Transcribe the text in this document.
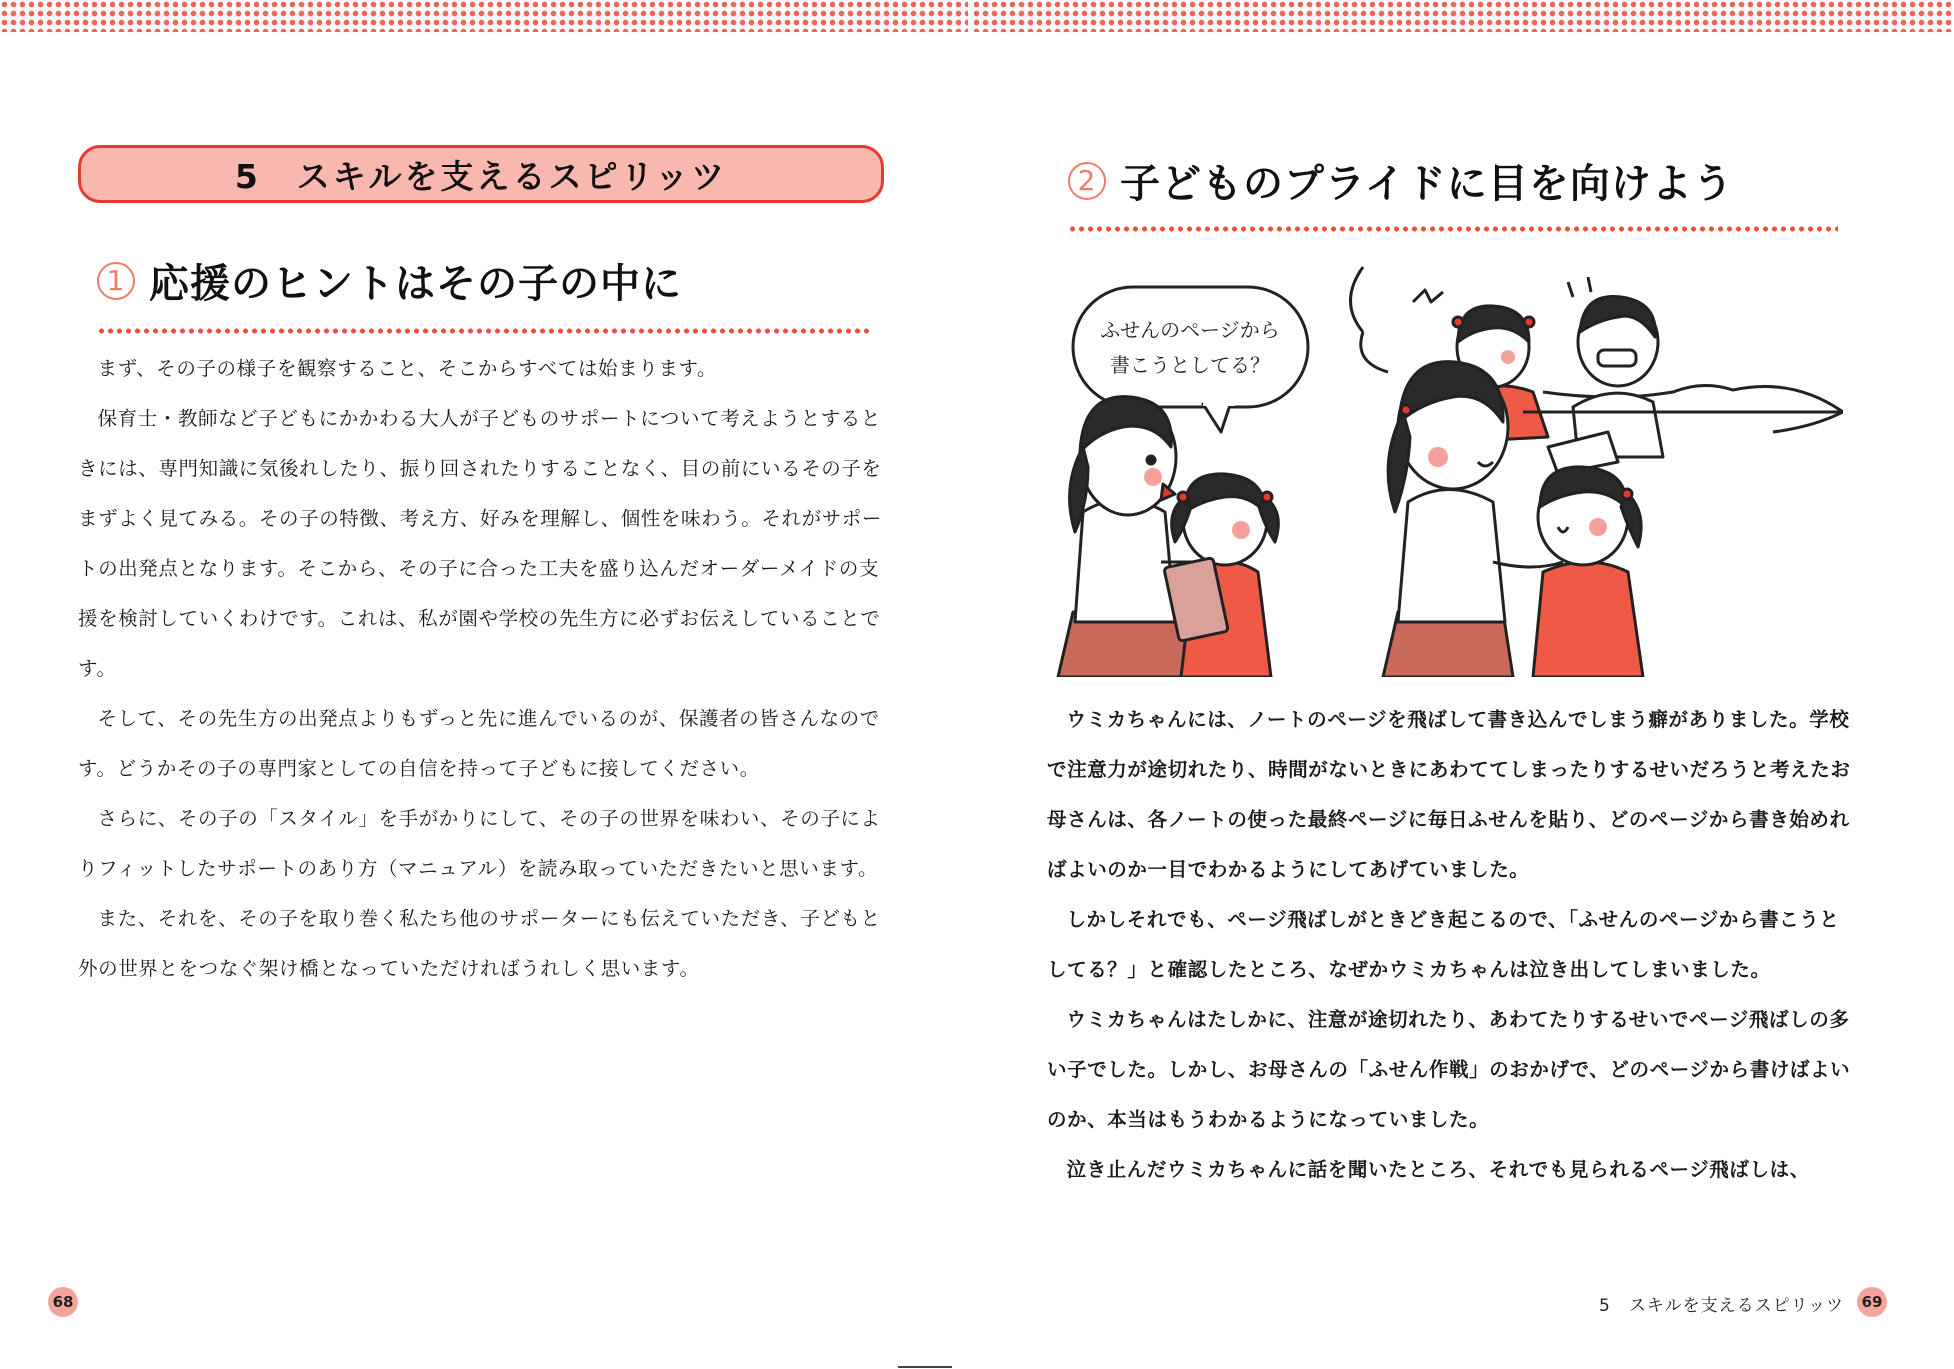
5　スキルを支えるスピリッツ
1 応援のヒントはその子の中に

まず、その子の様子を観察すること、そこからすべては始まります。

保育士・教師など子どもにかかわる大人が子どものサポートについて考えようとするときには、専門知識に気後れしたり、振り回されたりすることなく、目の前にいるその子をまずよく見てみる。その子の特徴、考え方、好みを理解し、個性を味わう。それがサポートの出発点となります。そこから、その子に合った工夫を盛り込んだオーダーメイドの支援を検討していくわけです。これは、私が園や学校の先生方に必ずお伝えしていることです。

そして、その先生方の出発点よりもずっと先に進んでいるのが、保護者の皆さんなのです。どうかその子の専門家としての自信を持って子どもに接してください。

さらに、その子の「スタイル」を手がかりにして、その子の世界を味わい、その子によりフィットしたサポートのあり方（マニュアル）を読み取っていただきたいと思います。

また、それを、その子を取り巻く私たち他のサポーターにも伝えていただき、子どもと外の世界とをつなぐ架け橋となっていただければうれしく思います。

68
2 子どものプライドに目を向けよう

ウミカちゃんには、ノートのページを飛ばして書き込んでしまう癖がありました。学校で注意力が途切れたり、時間がないときにあわててしまったりするせいだろうと考えたお母さんは、各ノートの使った最終ページに毎日ふせんを貼り、どのページから書き始めればよいのか一目でわかるようにしてあげていました。

しかしそれでも、ページ飛ばしがときどき起こるので、「ふせんのページから書こうとしてる？」と確認したところ、なぜかウミカちゃんは泣き出してしまいました。

ウミカちゃんはたしかに、注意が途切れたり、あわてたりするせいでページ飛ばしの多い子でした。しかし、お母さんの「ふせん作戦」のおかげで、どのページから書けばよいのか、本当はもうわかるようになっていました。

泣き止んだウミカちゃんに話を聞いたところ、それでも見られるページ飛ばしは、

5　スキルを支えるスピリッツ	69
ふせんのページから
書こうとしてる？
